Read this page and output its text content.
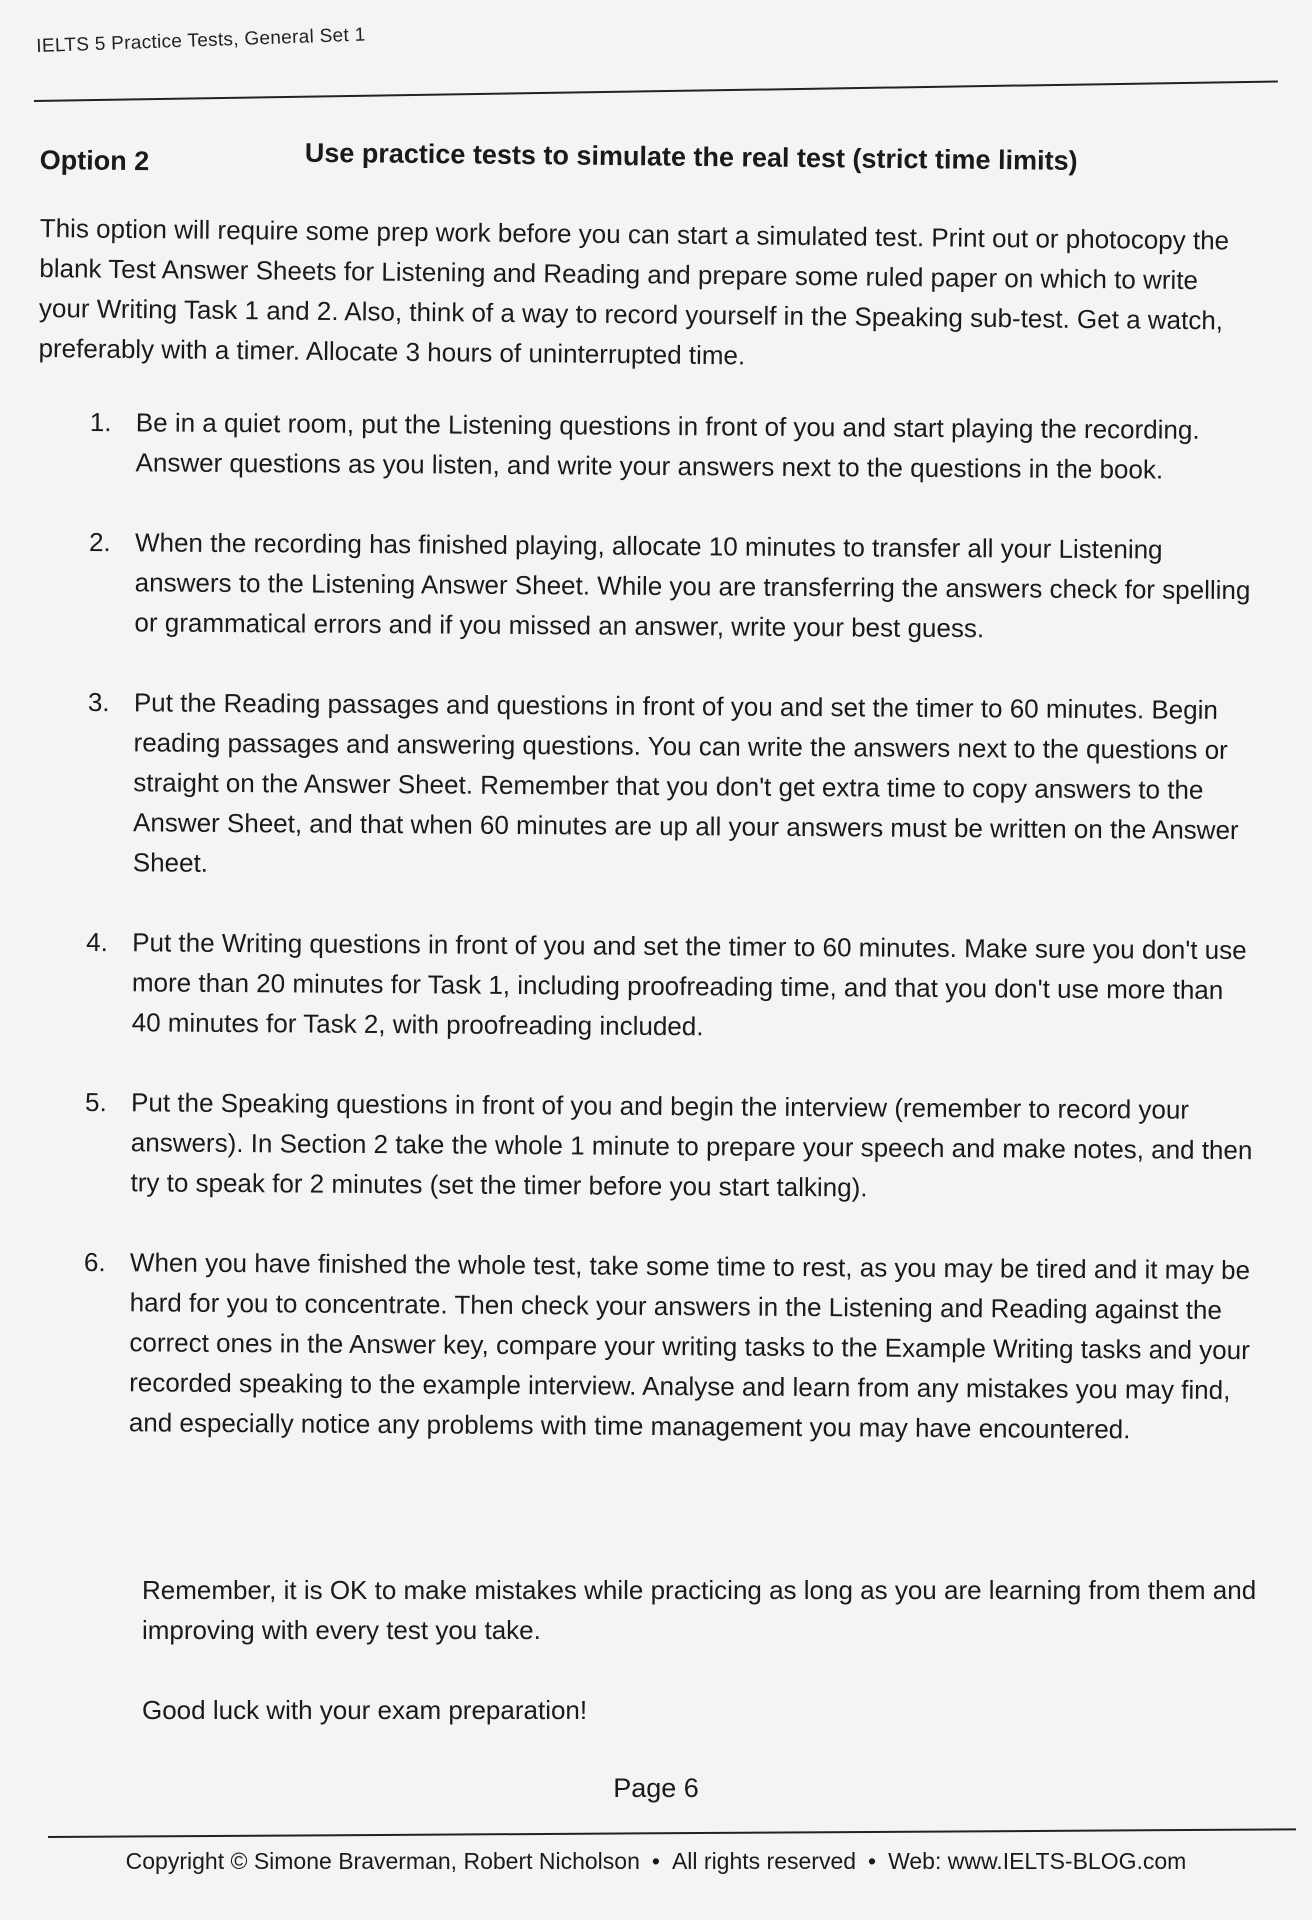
IELTS 5 Practice Tests, General Set 1
Option 2	Use practice tests to simulate the real test (strict time limits)
This option will require some prep work before you can start a simulated test. Print out or photocopy the blank Test Answer Sheets for Listening and Reading and prepare some ruled paper on which to write your Writing Task 1 and 2. Also, think of a way to record yourself in the Speaking sub-test. Get a watch, preferably with a timer. Allocate 3 hours of uninterrupted time.
1. Be in a quiet room, put the Listening questions in front of you and start playing the recording. Answer questions as you listen, and write your answers next to the questions in the book.
2. When the recording has finished playing, allocate 10 minutes to transfer all your Listening answers to the Listening Answer Sheet. While you are transferring the answers check for spelling or grammatical errors and if you missed an answer, write your best guess.
3. Put the Reading passages and questions in front of you and set the timer to 60 minutes. Begin reading passages and answering questions. You can write the answers next to the questions or straight on the Answer Sheet. Remember that you don't get extra time to copy answers to the Answer Sheet, and that when 60 minutes are up all your answers must be written on the Answer Sheet.
4. Put the Writing questions in front of you and set the timer to 60 minutes. Make sure you don't use more than 20 minutes for Task 1, including proofreading time, and that you don't use more than 40 minutes for Task 2, with proofreading included.
5. Put the Speaking questions in front of you and begin the interview (remember to record your answers). In Section 2 take the whole 1 minute to prepare your speech and make notes, and then try to speak for 2 minutes (set the timer before you start talking).
6. When you have finished the whole test, take some time to rest, as you may be tired and it may be hard for you to concentrate. Then check your answers in the Listening and Reading against the correct ones in the Answer key, compare your writing tasks to the Example Writing tasks and your recorded speaking to the example interview. Analyse and learn from any mistakes you may find, and especially notice any problems with time management you may have encountered.

Remember, it is OK to make mistakes while practicing as long as you are learning from them and improving with every test you take.

Good luck with your exam preparation!

Page 6
Copyright © Simone Braverman, Robert Nicholson • All rights reserved • Web: www.IELTS-BLOG.com
